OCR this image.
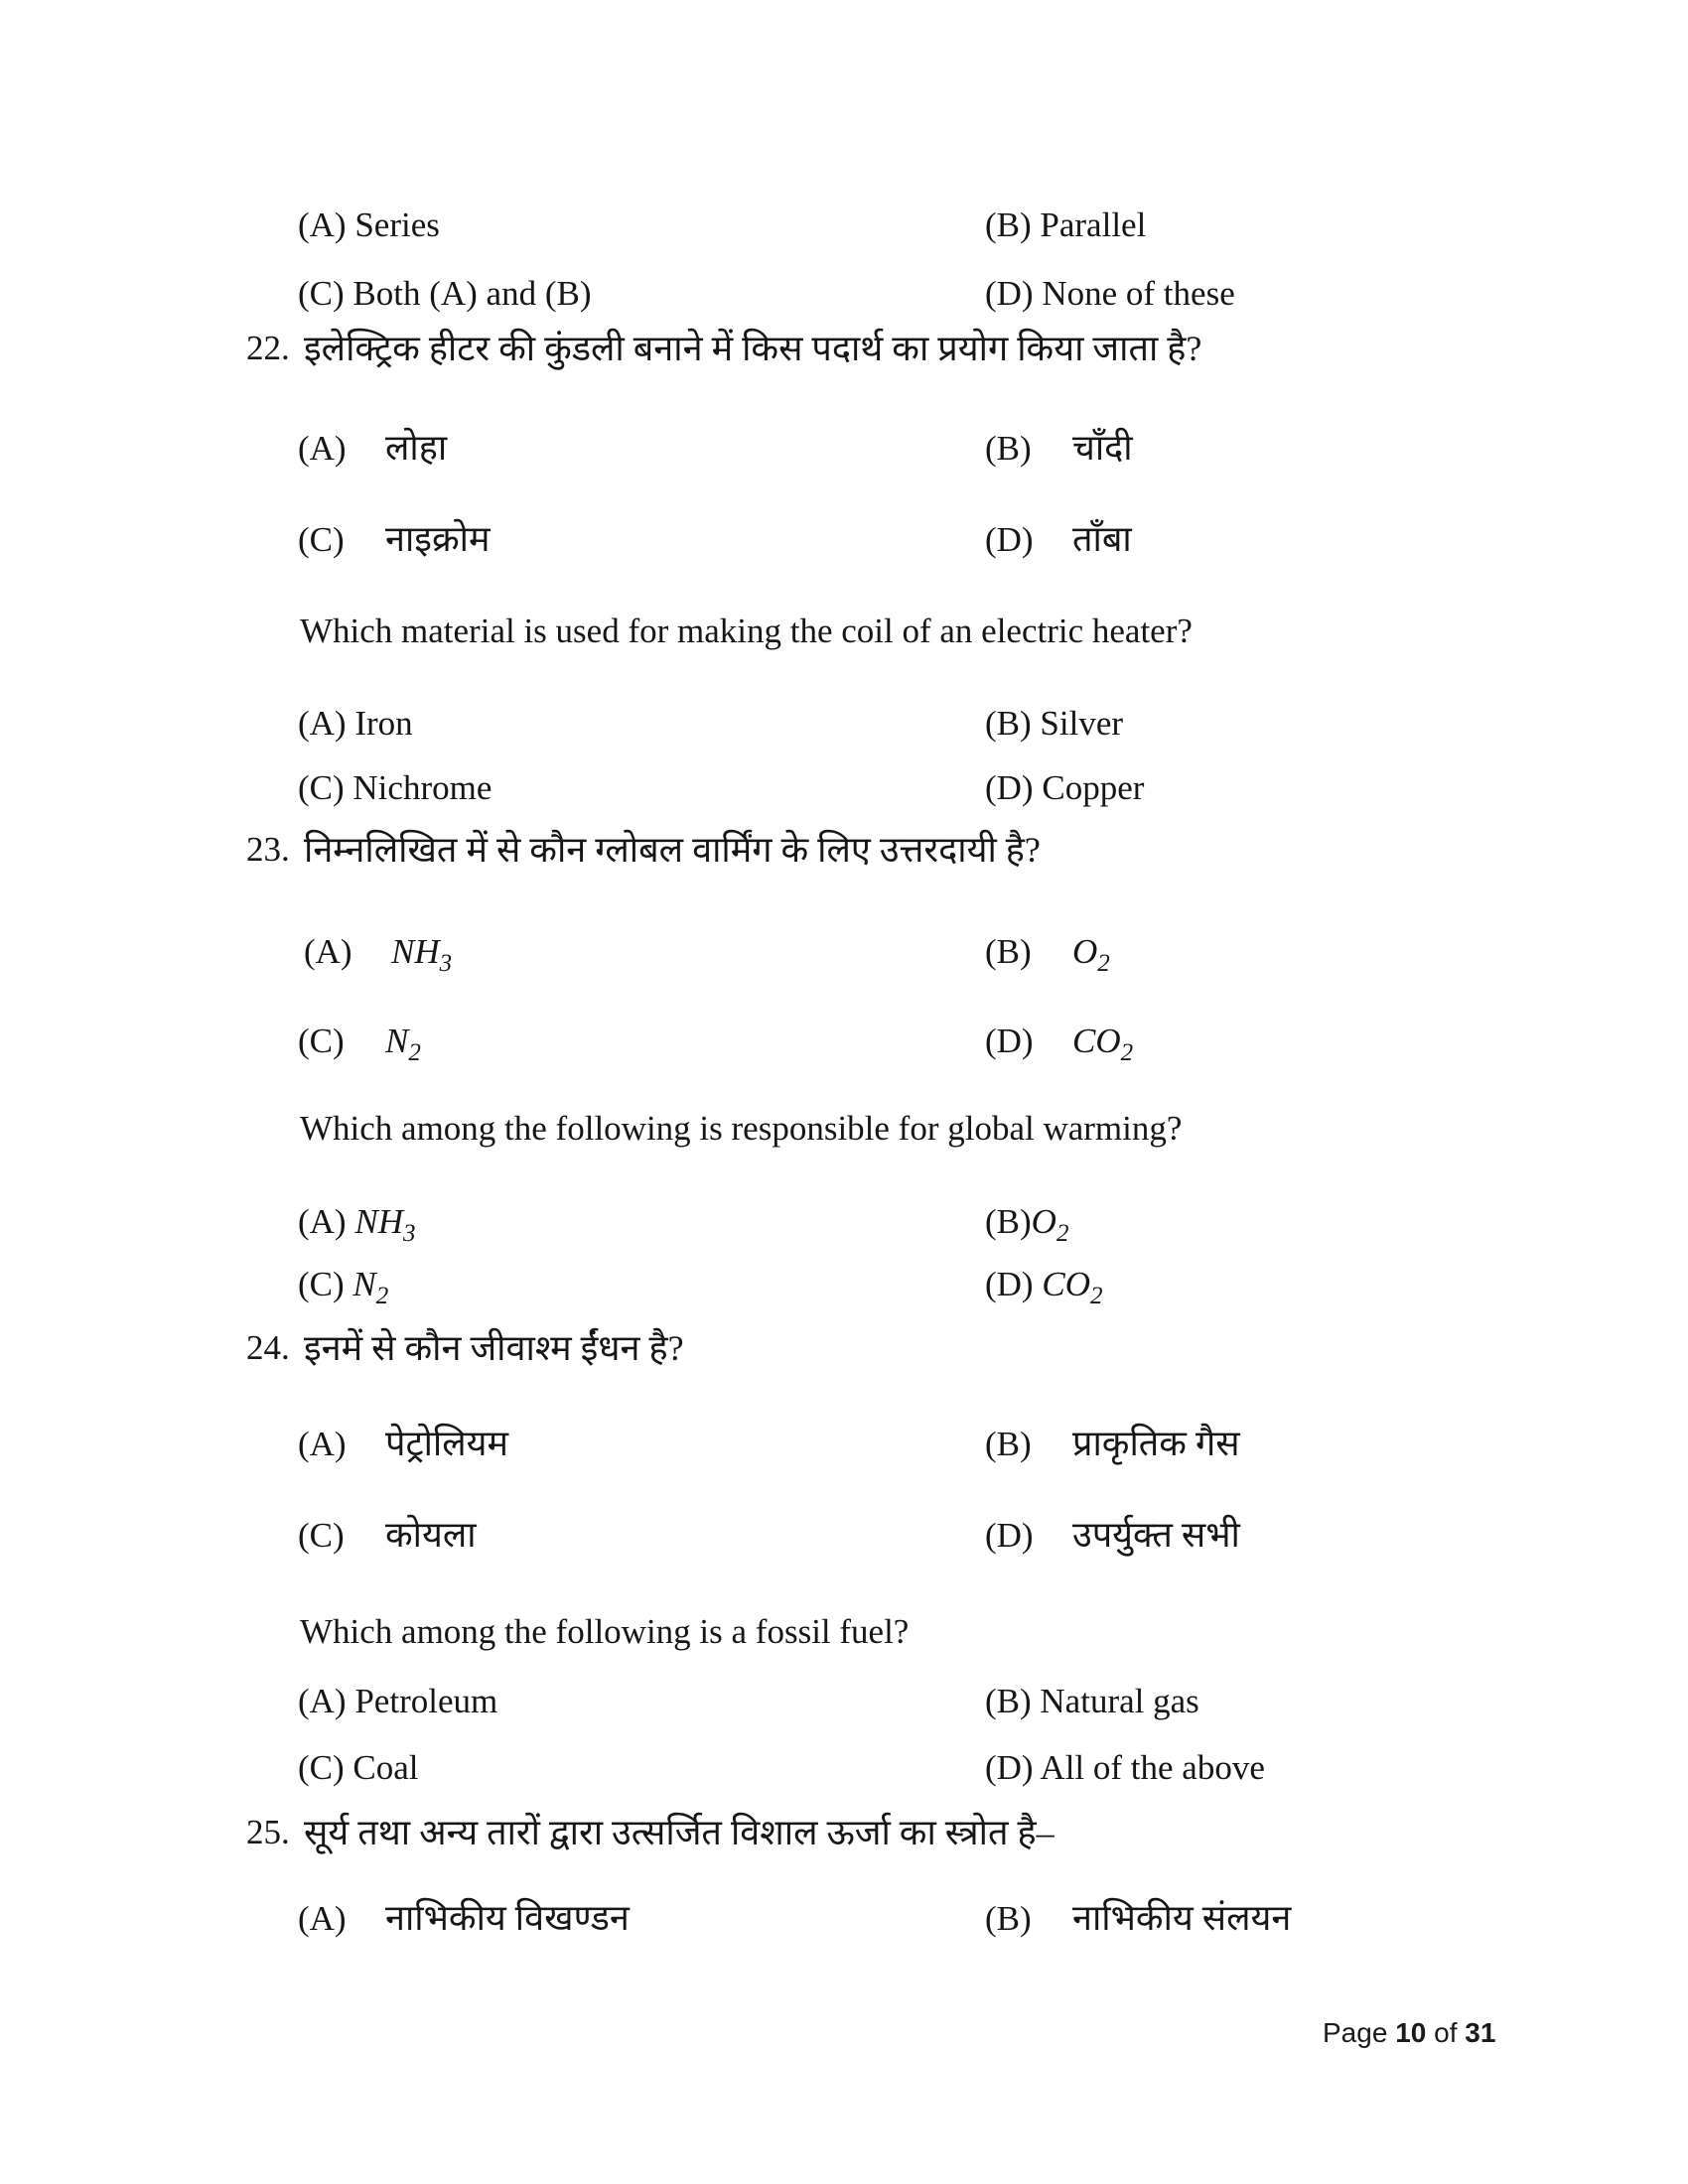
(A) Series	(B) Parallel
(C) Both (A) and (B)	(D) None of these
22. इलेक्ट्रिक हीटर की कुंडली बनाने में किस पदार्थ का प्रयोग किया जाता है?
(A) लोहा	(B) चाँदी
(C) नाइक्रोम	(D) ताँबा
Which material is used for making the coil of an electric heater?
(A) Iron	(B) Silver
(C) Nichrome	(D) Copper
23. निम्नलिखित में से कौन ग्लोबल वार्मिंग के लिए उत्तरदायी है?
(A) $NH_3$	(B) $O_2$
(C) $N_2$	(D) $CO_2$
Which among the following is responsible for global warming?
(A) $NH_3$	$(B)O_2$
(C) $N_2$	(D) $CO_2$
24. इनमें से कौन जीवाश्म ईंधन है?
(A) पेट्रोलियम	(B) प्राकृतिक गैस
(C) कोयला	(D) उपर्युक्त सभी
Which among the following is a fossil fuel?
(A) Petroleum	(B) Natural gas
(C) Coal	(D) All of the above
25. सूर्य तथा अन्य तारों द्वारा उत्सर्जित विशाल ऊर्जा का स्त्रोत है–
(A) नाभिकीय विखण्डन	(B) नाभिकीय संलयन
Page 10 of 31
